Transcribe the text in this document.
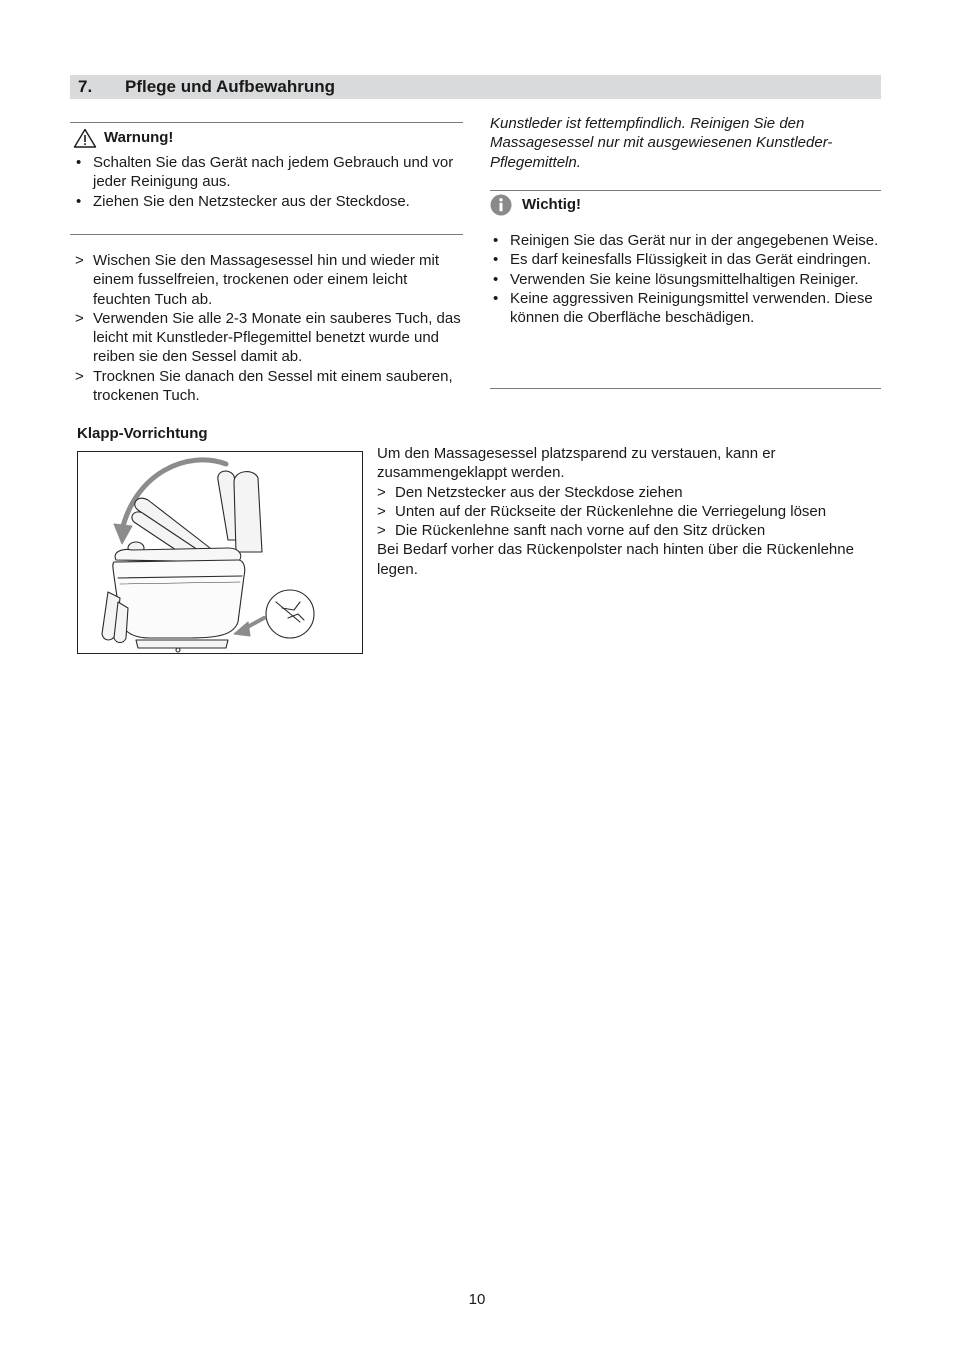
7. Pflege und Aufbewahrung
Warnung!
• Schalten Sie das Gerät nach jedem Gebrauch und vor jeder Reinigung aus.
• Ziehen Sie den Netzstecker aus der Steckdose.
> Wischen Sie den Massagesessel hin und wieder mit einem fusselfreien, trockenen oder einem leicht feuchten Tuch ab.
> Verwenden Sie alle 2-3 Monate ein sauberes Tuch, das leicht mit Kunstleder-Pflegemittel benetzt wurde und reiben sie den Sessel damit ab.
> Trocknen Sie danach den Sessel mit einem sauberen, trockenen Tuch.
Kunstleder ist fettempfindlich. Reinigen Sie den Massagesessel nur mit ausgewiesenen Kunstleder-Pflegemitteln.
Wichtig!
• Reinigen Sie das Gerät nur in der angegebenen Weise.
• Es darf keinesfalls Flüssigkeit in das Gerät eindringen.
• Verwenden Sie keine lösungsmittelhaltigen Reiniger.
• Keine aggressiven Reinigungsmittel verwenden. Diese können die Oberfläche beschädigen.
Klapp-Vorrichtung

Um den Massagesessel platzsparend zu verstauen, kann er zusammengeklappt werden.

> Den Netzstecker aus der Steckdose ziehen
> Unten auf der Rückseite der Rückenlehne die Verriegelung lösen
> Die Rückenlehne sanft nach vorne auf den Sitz drücken

Bei Bedarf vorher das Rückenpolster nach hinten über die Rückenlehne legen.

10
